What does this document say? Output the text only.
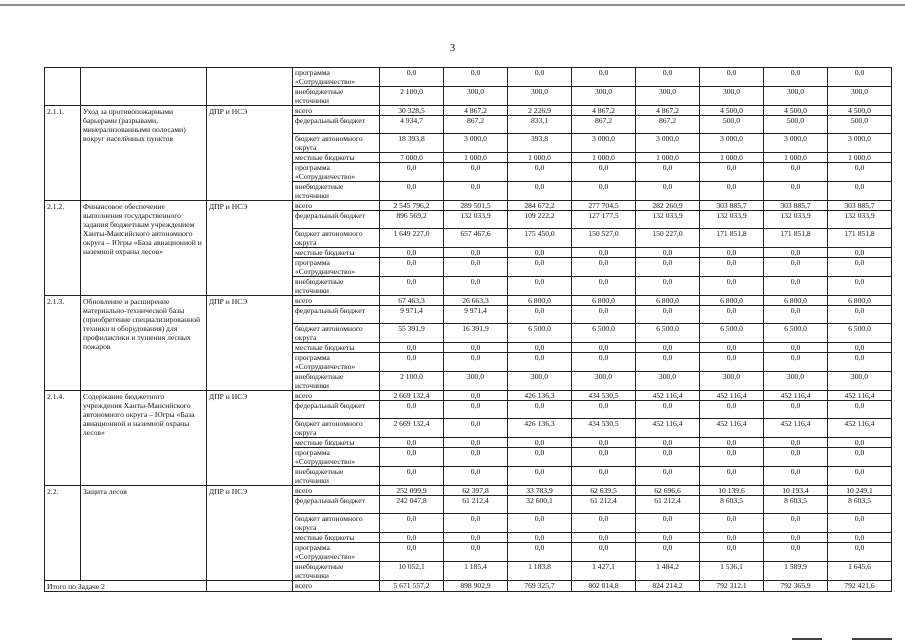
3
			программа «Сотрудничество»	0,0	0,0	0,0	0,0	0,0	0,0	0,0	0,0
			внебюджетные источники	2 100,0	300,0	300,0	300,0	300,0	300,0	300,0	300,0
2.1.1.	Уход за противопожарными барьерами (разрывами, минерализованными полосами) вокруг населённых пунктов	ДПР и НСЭ	всего	30 328,5	4 867,2	2 226,9	4 867,2	4 867,2	4 500,0	4 500,0	4 500,0
			федеральный бюджет	4 934,7	867,2	833,1	867,2	867,2	500,0	500,0	500,0
			бюджет автономного округа	18 393,8	3 000,0	393,8	3 000,0	3 000,0	3 000,0	3 000,0	3 000,0
			местные бюджеты	7 000,0	1 000,0	1 000,0	1 000,0	1 000,0	1 000,0	1 000,0	1 000,0
			программа «Сотрудничество»	0,0	0,0	0,0	0,0	0,0	0,0	0,0	0,0
			внебюджетные источники	0,0	0,0	0,0	0,0	0,0	0,0	0,0	0,0
2.1.2.	Финансовое обеспечение выполнения государственного задания бюджетным учреждением Ханты-Мансийского автономного округа – Югры «База авиационной и наземной охраны лесов»	ДПР и НСЭ	всего	2 545 796,2	289 501,5	284 672,2	277 704,5	282 260,9	303 885,7	303 885,7	303 885,7
			федеральный бюджет	896 569,2	132 033,9	109 222,2	127 177,5	132 033,9	132 033,9	132 033,9	132 033,9
			бюджет автономного округа	1 649 227,0	657 467,6	175 450,0	150 527,0	150 227,0	171 851,8	171 851,8	171 851,8
			местные бюджеты	0,0	0,0	0,0	0,0	0,0	0,0	0,0	0,0
			программа «Сотрудничество»	0,0	0,0	0,0	0,0	0,0	0,0	0,0	0,0
			внебюджетные источники	0,0	0,0	0,0	0,0	0,0	0,0	0,0	0,0
2.1.3.	Обновление и расширение материально-технической базы (приобретение специализированной техники и оборудования) для профилактики и тушения лесных пожаров	ДПР и НСЭ	всего	67 463,3	26 663,3	6 800,0	6 800,0	6 800,0	6 800,0	6 800,0	6 800,0
			федеральный бюджет	9 971,4	9 971,4	0,0	0,0	0,0	0,0	0,0	0,0
			бюджет автономного округа	55 391,9	16 391,9	6 500,0	6 500,0	6 500,0	6 500,0	6 500,0	6 500,0
			местные бюджеты	0,0	0,0	0,0	0,0	0,0	0,0	0,0	0,0
			программа «Сотрудничество»	0,0	0,0	0,0	0,0	0,0	0,0	0,0	0,0
			внебюджетные источники	2 100,0	300,0	300,0	300,0	300,0	300,0	300,0	300,0
2.1.4.	Содержание бюджетного учреждения Ханты-Мансийского автономного округа – Югры «База авиационной и наземной охраны лесов»	ДПР и НСЭ	всего	2 669 132,4	0,0	426 136,3	434 530,5	452 116,4	452 116,4	452 116,4	452 116,4
			федеральный бюджет	0,0	0,0	0,0	0,0	0,0	0,0	0,0	0,0
			бюджет автономного округа	2 669 132,4	0,0	426 136,3	434 530,5	452 116,4	452 116,4	452 116,4	452 116,4
			местные бюджеты	0,0	0,0	0,0	0,0	0,0	0,0	0,0	0,0
			программа «Сотрудничество»	0,0	0,0	0,0	0,0	0,0	0,0	0,0	0,0
			внебюджетные источники	0,0	0,0	0,0	0,0	0,0	0,0	0,0	0,0
2.2.	Защита лесов	ДПР и НСЭ	всего	252 099,9	62 397,8	33 783,9	62 639,5	62 696,6	10 139,6	10 193,4	10 249,1
			федеральный бюджет	242 047,8	61 212,4	32 600,1	61 212,4	61 212,4	8 603,5	8 603,5	8 603,5
			бюджет автономного округа	0,0	0,0	0,0	0,0	0,0	0,0	0,0	0,0
			местные бюджеты	0,0	0,0	0,0	0,0	0,0	0,0	0,0	0,0
			программа «Сотрудничество»	0,0	0,0	0,0	0,0	0,0	0,0	0,0	0,0
			внебюджетные источники	10 052,1	1 185,4	1 183,8	1 427,1	1 484,2	1 536,1	1 589,9	1 645,6
Итого по Задаче 2			всего	5 671 557,2	898 902,9	769 325,7	802 014,8	824 214,2	792 312,1	792 365,9	792 421,6
